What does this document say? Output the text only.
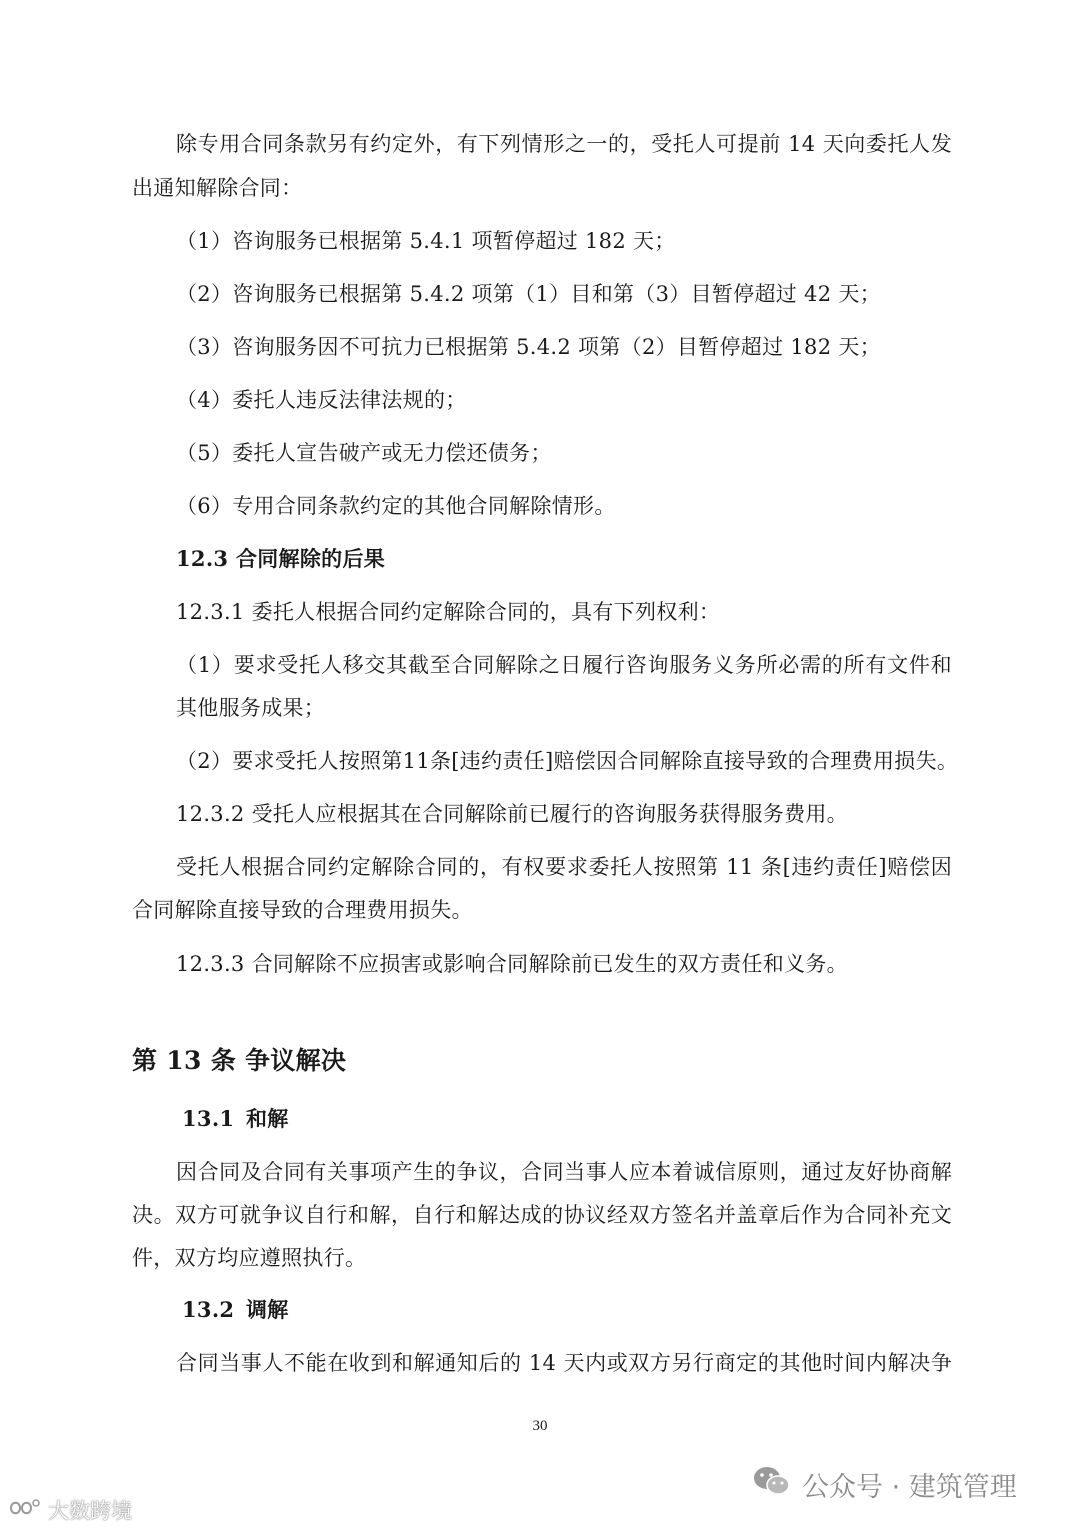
除专用合同条款另有约定外，有下列情形之一的，受托人可提前 14 天向委托人发
出通知解除合同：
（1）咨询服务已根据第 5.4.1 项暂停超过 182 天；
（2）咨询服务已根据第 5.4.2 项第（1）目和第（3）目暂停超过 42 天；
（3）咨询服务因不可抗力已根据第 5.4.2 项第（2）目暂停超过 182 天；
（4）委托人违反法律法规的；
（5）委托人宣告破产或无力偿还债务；
（6）专用合同条款约定的其他合同解除情形。
12.3 合同解除的后果
12.3.1 委托人根据合同约定解除合同的，具有下列权利：
（1）要求受托人移交其截至合同解除之日履行咨询服务义务所必需的所有文件和
其他服务成果；
（2）要求受托人按照第11条[违约责任]赔偿因合同解除直接导致的合理费用损失。
12.3.2 受托人应根据其在合同解除前已履行的咨询服务获得服务费用。
受托人根据合同约定解除合同的，有权要求委托人按照第 11 条[违约责任]赔偿因
合同解除直接导致的合理费用损失。
12.3.3 合同解除不应损害或影响合同解除前已发生的双方责任和义务。
第 13 条 争议解决
13.1 和解
因合同及合同有关事项产生的争议，合同当事人应本着诚信原则，通过友好协商解
决。双方可就争议自行和解，自行和解达成的协议经双方签名并盖章后作为合同补充文
件，双方均应遵照执行。
13.2 调解
合同当事人不能在收到和解通知后的 14 天内或双方另行商定的其他时间内解决争
30
公众号 · 建筑管理
大数跨境
